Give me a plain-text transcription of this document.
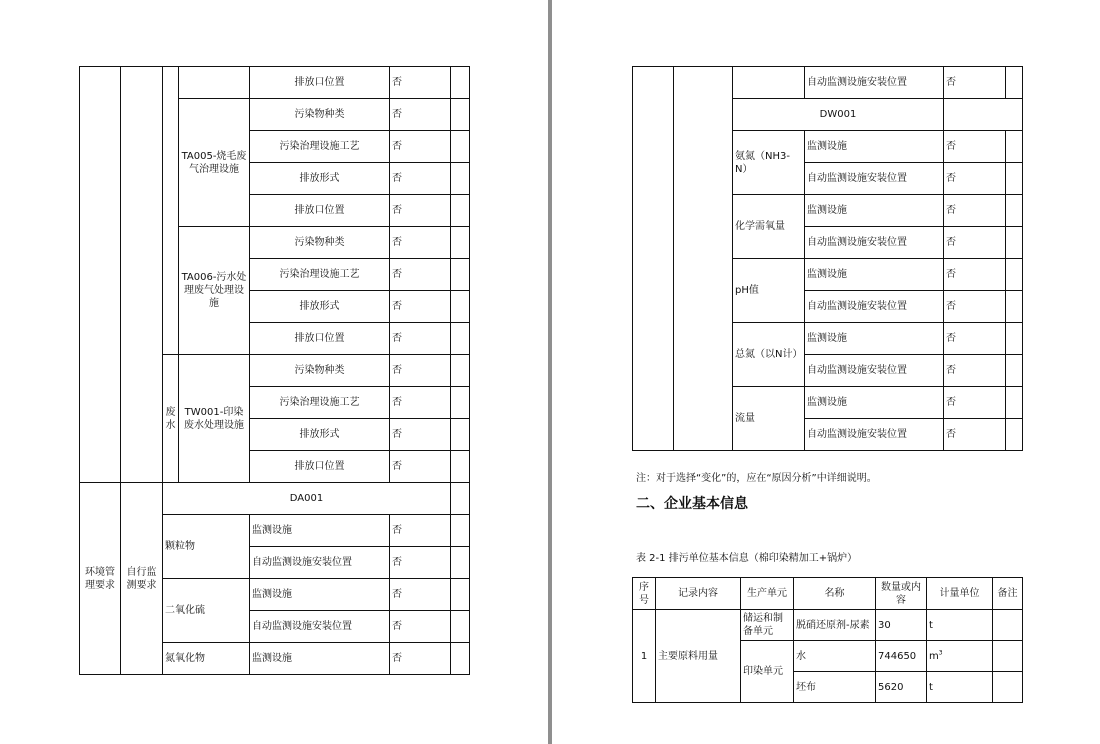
				排放口位置	否	
			TA005-烧毛废气治理设施	污染物种类	否	
				污染治理设施工艺	否	
				排放形式	否	
				排放口位置	否	
			TA006-污水处理废气处理设施	污染物种类	否	
				污染治理设施工艺	否	
				排放形式	否	
				排放口位置	否	
		废水	TW001-印染废水处理设施	污染物种类	否	
				污染治理设施工艺	否	
				排放形式	否	
				排放口位置	否	
环境管理要求	自行监测要求	DA001				
		颗粒物		监测设施	否	
				自动监测设施安装位置	否	
		二氧化硫		监测设施	否	
				自动监测设施安装位置	否	
		氮氧化物		监测设施	否	
			自动监测设施安装位置	否	
		DW001			
		氨氮（NH3-N）	监测设施	否	
			自动监测设施安装位置	否	
		化学需氧量	监测设施	否	
			自动监测设施安装位置	否	
		pH值	监测设施	否	
			自动监测设施安装位置	否	
		总氮（以N计）	监测设施	否	
			自动监测设施安装位置	否	
		流量	监测设施	否	
			自动监测设施安装位置	否	
注：对于选择“变化”的，应在“原因分析”中详细说明。
二、企业基本信息
表 2-1 排污单位基本信息（棉印染精加工+锅炉）
序号	记录内容	生产单元	名称	数量或内容	计量单位	备注
1	主要原料用量	储运和制备单元	脱硝还原剂-尿素	30	t	
		印染单元	水	744650	$m^3$	
			坯布	5620	t	
